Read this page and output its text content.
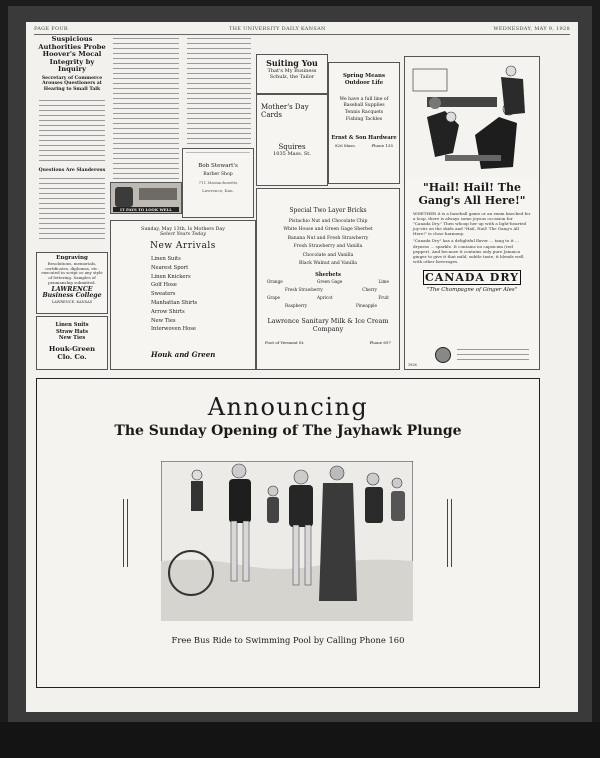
PAGE FOUR	THE UNIVERSITY DAILY KANSAN	WEDNESDAY, MAY 9, 1928
Suspicious Authorities Probe Hoover's Mocal Integrity by Inquiry
Secretary of Commerce Arouses Questioners at Hearing to Small Talk
Questions Are Slanderous
Engraving
Resolutions, memorials, certificates, diplomas, etc. executed in script or any style of lettering. Samples of penmanship submitted.
LAWRENCE Business College
LAWRENCE, KANSAS
Linen Suits
Straw Hats
New Ties
Houk-Green Clo. Co.
IT PAYS TO LOOK WELL
Bob Stewart's
Barber Shop
711 Massachusetts
Lawrence, Kan.
Sunday, May 13th, Is Mothers Day
Select Yours Today
New Arrivals
Linen Suits
Nearest Sport
Linen Knickers
Golf Hose
Sweaters
Manhattan Shirts
Arrow Shirts
New Ties
Interwoven Hose
Houk and Green
Suiting You
That's My Business
Schulz, the Tailor
Mother's Day
Cards
Squires
1035 Mass. St.
Spring Means Outdoor Life
We have a full line of
Baseball Supplies
Tennis Racquets
Fishing Tackles
Ernst & Son Hardware
826 Mass.	Phone 135
Special Two Layer Bricks
Pistachio Nut and Chocolate Chip
White House and Green Gage Sherbet
Banana Nut and Fresh Strawberry
Fresh Strawberry and Vanilla
Chocolate and Vanilla
Black Walnut and Vanilla
Sherbets
Orange	Green Gage	Lime
Fresh Strawberry	Cherry
Grape	Apricot	Fruit
Raspberry	Pineapple
Lawrence Sanitary Milk & Ice Cream Company
Foot of Vermont St.	Phone 697
"Hail! Hail! The Gang's All Here!"
WHETHER it is a baseball game or an exam knocked for a loop, there is always some joyous occasion for "Canada Dry." Then whoop her up with a light-hearted joy-stir on the skids and "Hail, Hail! The Gang's All Here!" is close harmony.
"Canada Dry" has a delightful flavor ... tang to it ... dryness ... sparkle. It contains no capsicum (red pepper). And because it contains only pure Jamaica ginger to give it that mild, subtle taste, it blends well with other beverages.
CANADA DRY
"The Champagne of Ginger Ales"
1928
Announcing
The Sunday Opening of The Jayhawk Plunge
Free Bus Ride to Swimming Pool by Calling Phone 160
